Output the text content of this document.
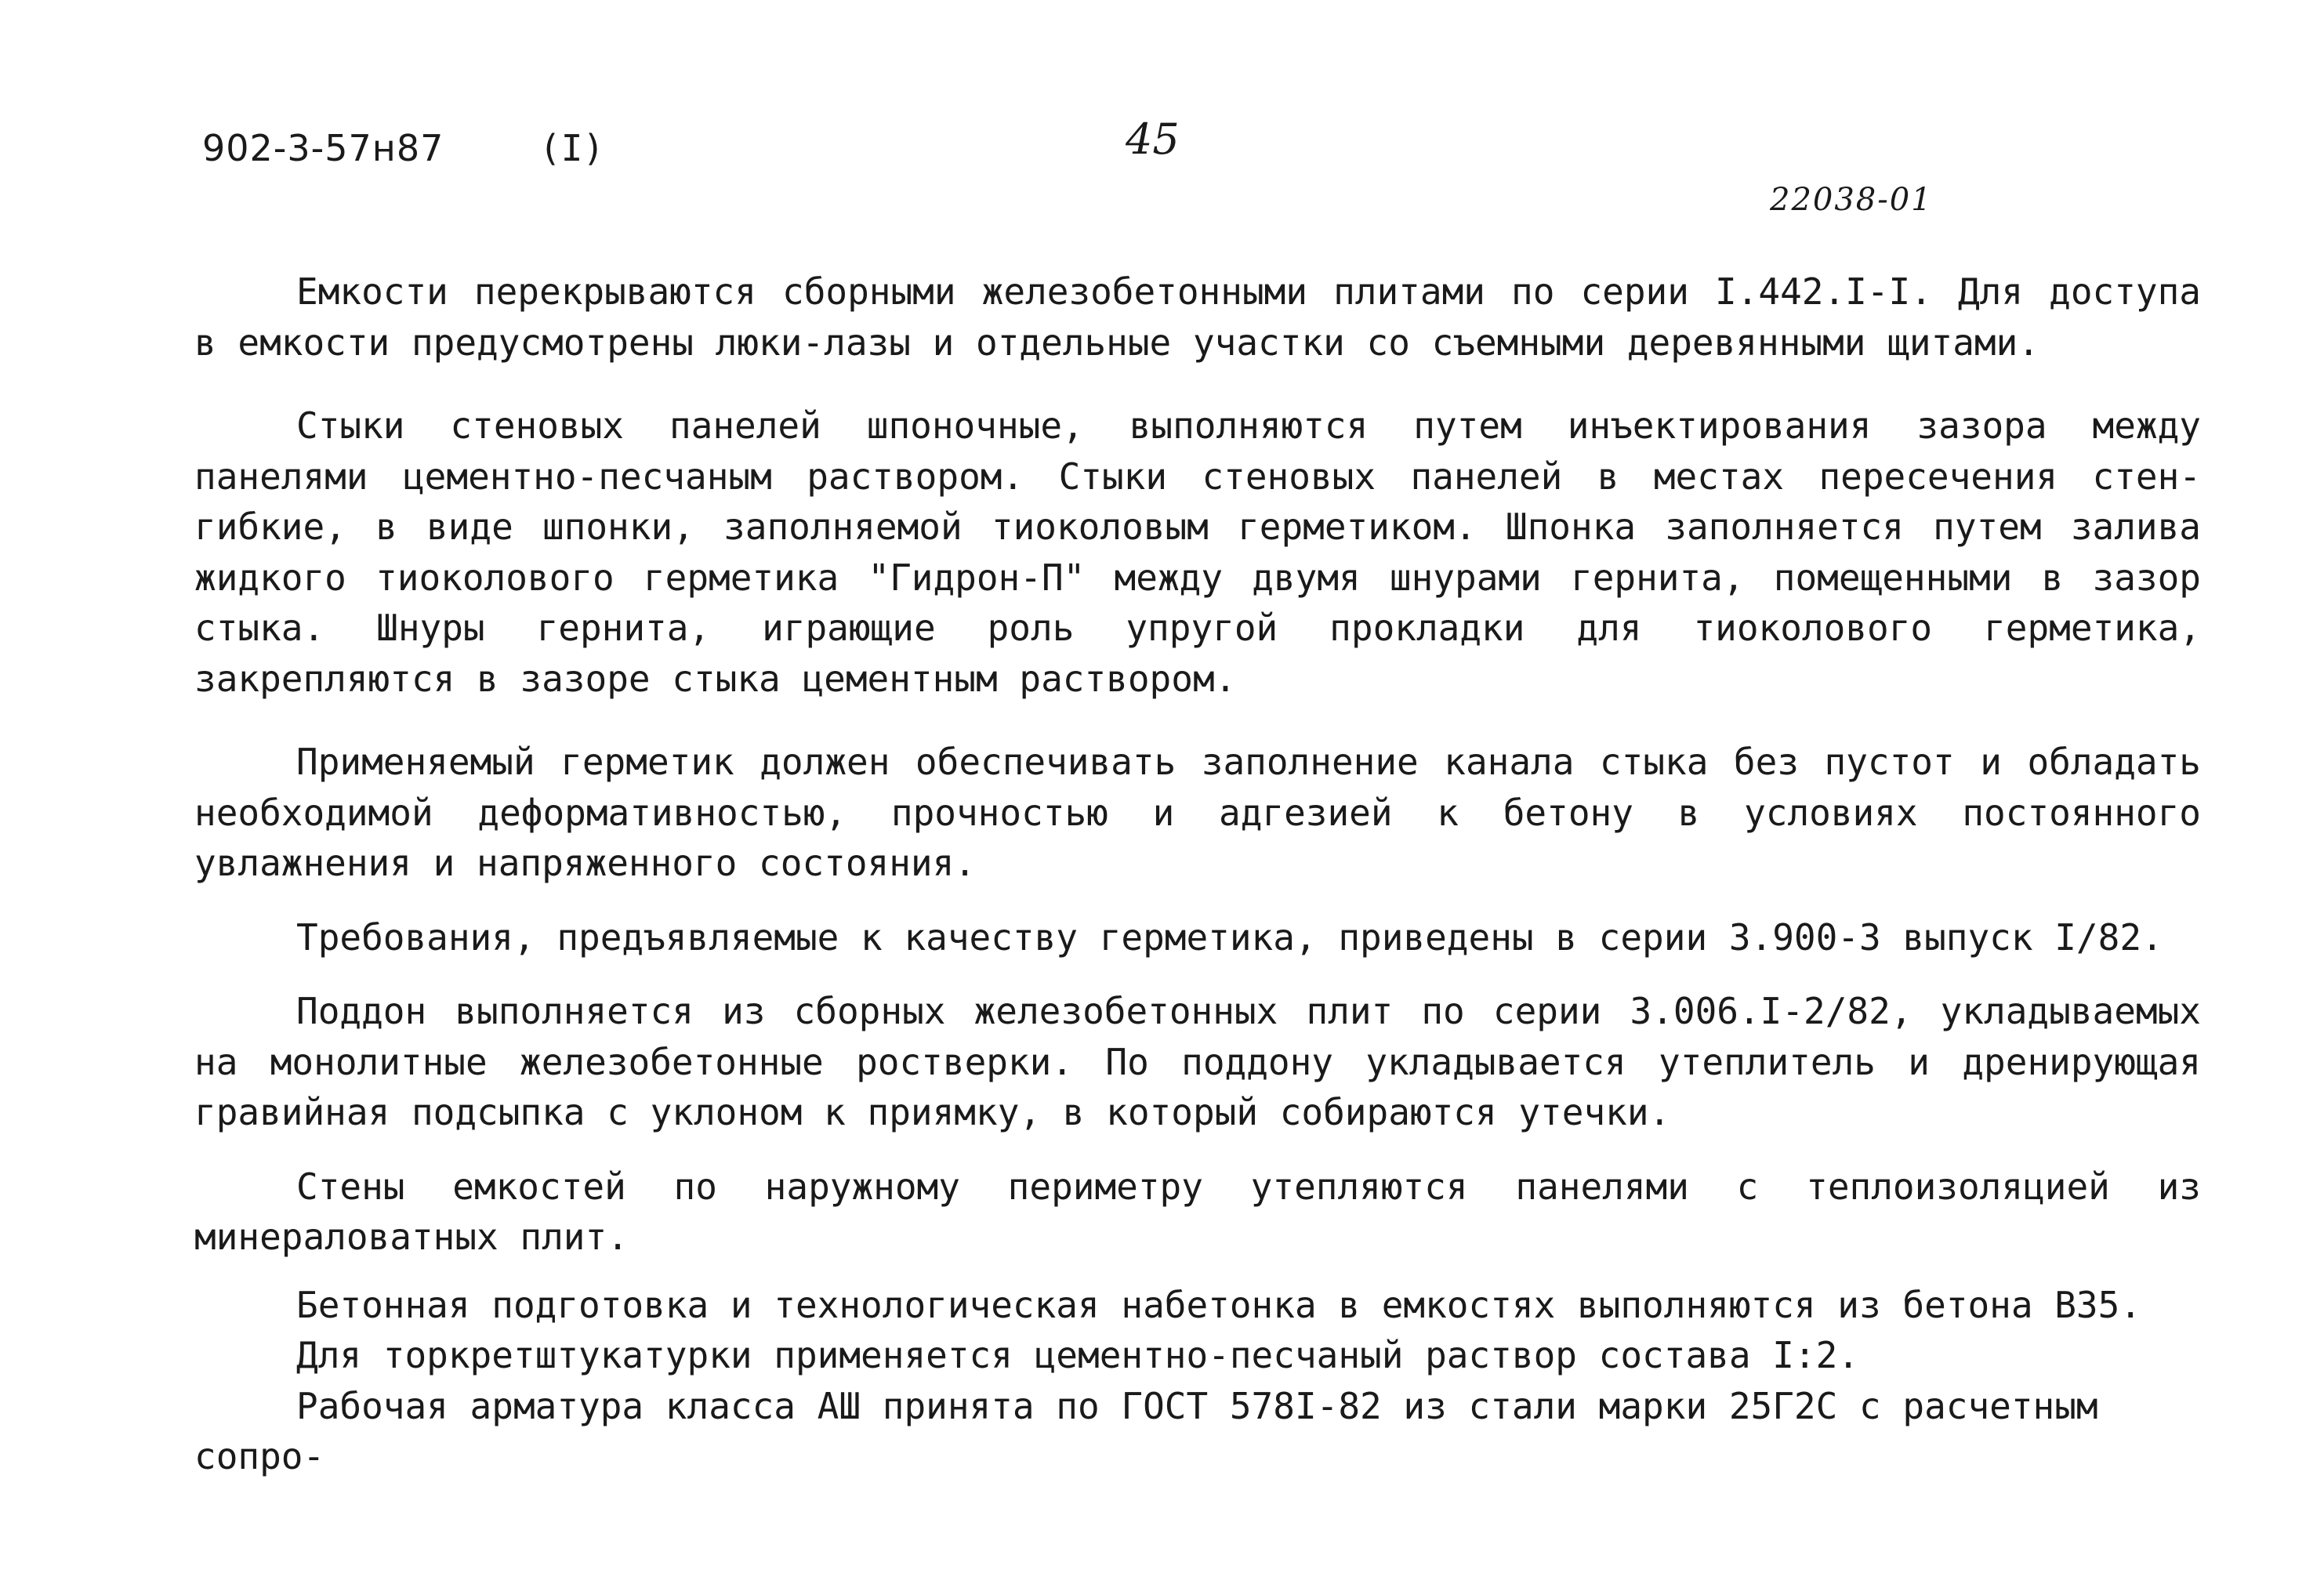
902-3-57н87	(I)	45
22038-01

Емкости перекрываются сборными железобетонными плитами по серии I.442.I-I. Для доступа в емкости предусмотрены люки-лазы и отдельные участки со съемными деревянными щитами.

Стыки стеновых панелей шпоночные, выполняются путем инъектирования зазора между панелями цементно-песчаным раствором. Стыки стеновых панелей в местах пересечения стен- гибкие, в виде шпонки, заполняемой тиоколовым герметиком. Шпонка заполняется путем залива жидкого тиоколового герметика "Гидрон-П" между двумя шнурами гернита, помещенными в зазор стыка. Шнуры гернита, играющие роль упругой прокладки для тиоколового герметика, закрепляются в зазоре стыка цементным раствором.

Применяемый герметик должен обеспечивать заполнение канала стыка без пустот и обладать необходимой деформативностью, прочностью и адгезией к бетону в условиях постоянного увлажнения и напряженного состояния.

Требования, предъявляемые к качеству герметика, приведены в серии 3.900-3 выпуск I/82.

Поддон выполняется из сборных железобетонных плит по серии 3.006.I-2/82, укладываемых на монолитные железобетонные ростверки. По поддону укладывается утеплитель и дренирующая гравийная подсыпка с уклоном к приямку, в который собираются утечки.

Стены емкостей по наружному периметру утепляются панелями с теплоизоляцией из минераловатных плит.

Бетонная подготовка и технологическая набетонка в емкостях выполняются из бетона В35.
Для торкретштукатурки применяется цементно-песчаный раствор состава I:2.
Рабочая арматура класса АШ принята по ГОСТ 578I-82 из стали марки 25Г2С с расчетным сопро-
